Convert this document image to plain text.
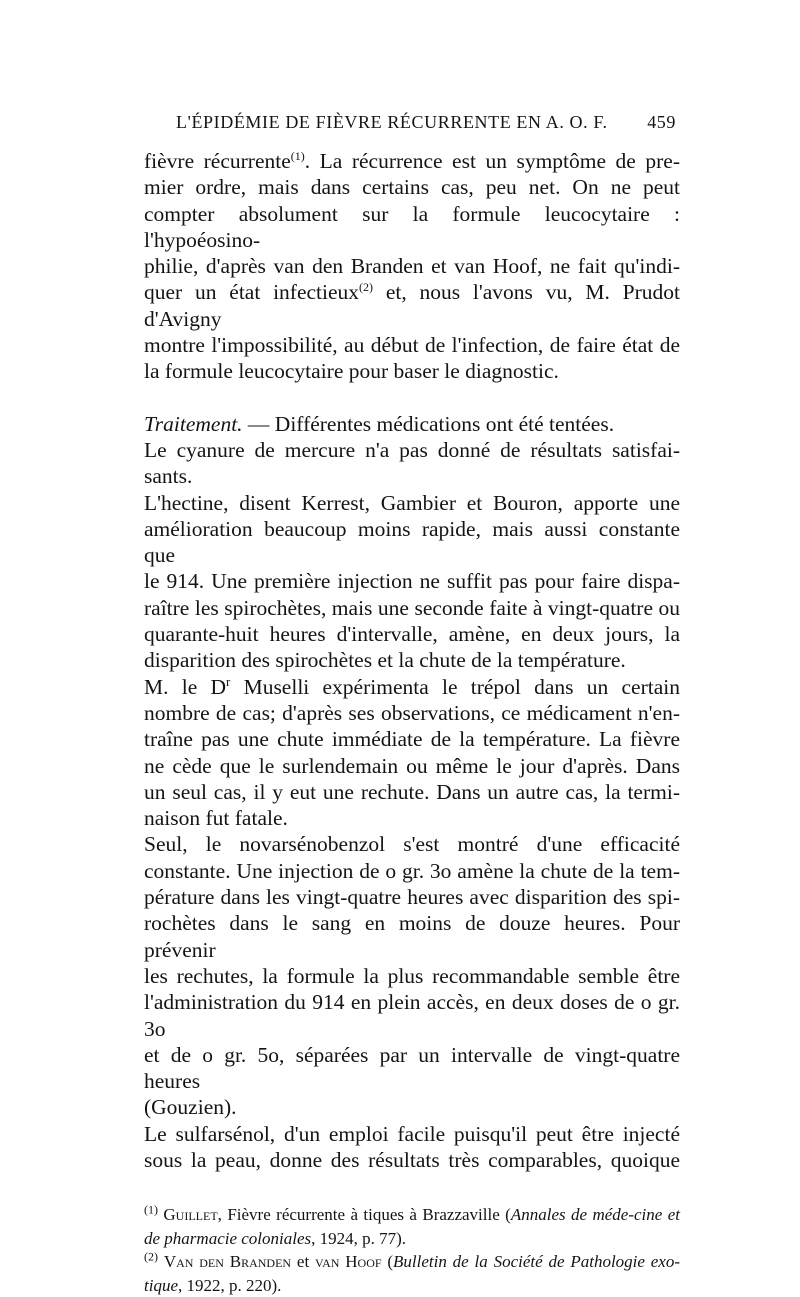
L'ÉPIDÉMIE DE FIÈVRE RÉCURRENTE EN A. O. F. 459

fièvre récurrente$^{(1)}$. La récurrence est un symptôme de pre-
mier ordre, mais dans certains cas, peu net. On ne peut
compter absolument sur la formule leucocytaire : l'hypoéosino-
philie, d'après van den Branden et van Hoof, ne fait qu'indi-
quer un état infectieux$^{(2)}$ et, nous l'avons vu, M. Prudot d'Avigny
montre l'impossibilité, au début de l'infection, de faire état de
la formule leucocytaire pour baser le diagnostic.

Traitement. — Différentes médications ont été tentées.

Le cyanure de mercure n'a pas donné de résultats satisfai-
sants.

L'hectine, disent Kerrest, Gambier et Bouron, apporte une
amélioration beaucoup moins rapide, mais aussi constante que
le 914. Une première injection ne suffit pas pour faire dispa-
raître les spirochètes, mais une seconde faite à vingt-quatre ou
quarante-huit heures d'intervalle, amène, en deux jours, la
disparition des spirochètes et la chute de la température.

M. le $D^r$ Muselli expérimenta le trépol dans un certain
nombre de cas; d'après ses observations, ce médicament n'en-
traîne pas une chute immédiate de la température. La fièvre
ne cède que le surlendemain ou même le jour d'après. Dans
un seul cas, il y eut une rechute. Dans un autre cas, la termi-
naison fut fatale.

Seul, le novarsénobenzol s'est montré d'une efficacité
constante. Une injection de o gr. 3o amène la chute de la tem-
pérature dans les vingt-quatre heures avec disparition des spi-
rochètes dans le sang en moins de douze heures. Pour prévenir
les rechutes, la formule la plus recommandable semble être
l'administration du 914 en plein accès, en deux doses de o gr. 3o
et de o gr. 5o, séparées par un intervalle de vingt-quatre heures
(Gouzien).

Le sulfarsénol, d'un emploi facile puisqu'il peut être injecté
sous la peau, donne des résultats très comparables, quoique

$^{(1)}$ Guillet, Fièvre récurrente à tiques à Brazzaville (Annales de méde-cine et de pharmacie coloniales, 1924, p. 77).

$^{(2)}$ Van den Branden et van Hoof (Bulletin de la Société de Pathologie exo-tique, 1922, p. 220).
